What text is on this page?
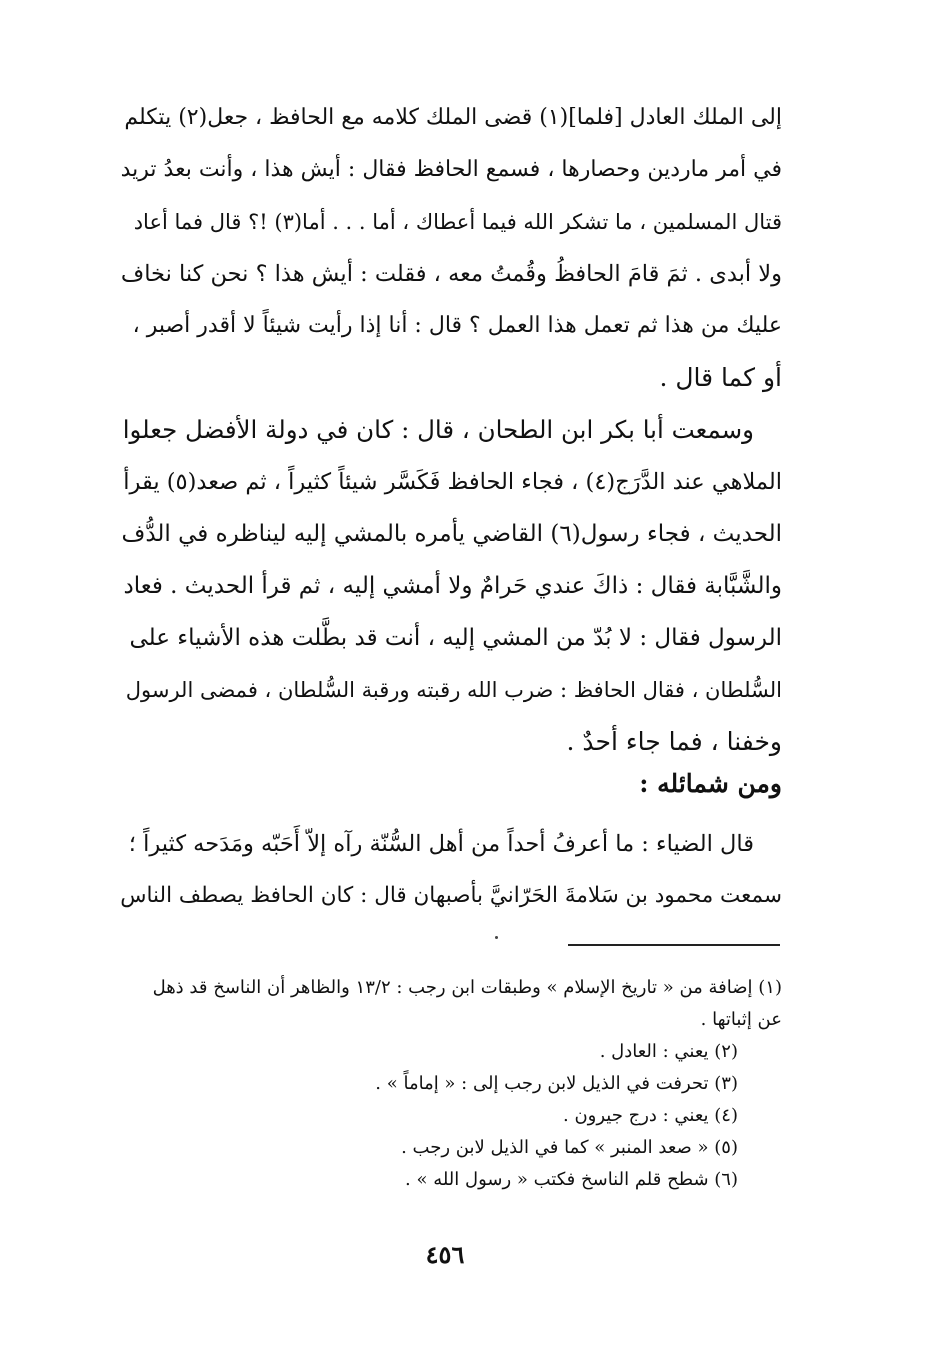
إلى الملك العادل [فلما](١) قضى الملك كلامه مع الحافظ ، جعل(٢) يتكلم
في أمر ماردين وحصارها ، فسمع الحافظ فقال : أيش هذا ، وأنت بعدُ تريد
قتال المسلمين ، ما تشكر الله فيما أعطاك ، أما . . . أما(٣) !؟ قال فما أعاد
ولا أبدى . ثمَ قامَ الحافظُ وقُمتُ معه ، فقلت : أيش هذا ؟ نحن كنا نخاف
عليك من هذا ثم تعمل هذا العمل ؟ قال : أنا إذا رأيت شيئاً لا أقدر أصبر ،
أو كما قال .
وسمعت أبا بكر ابن الطحان ، قال : كان في دولة الأفضل جعلوا
الملاهي عند الدَّرَج(٤) ، فجاء الحافظ فَكَسَّر شيئاً كثيراً ، ثم صعد(٥) يقرأ
الحديث ، فجاء رسول(٦) القاضي يأمره بالمشي إليه ليناظره في الدُّف
والشَّبَّابة فقال : ذاكَ عندي حَرامٌ ولا أمشي إليه ، ثم قرأ الحديث . فعاد
الرسول فقال : لا بُدّ من المشي إليه ، أنت قد بطَّلت هذه الأشياء على
السُّلطان ، فقال الحافظ : ضرب الله رقبته ورقبة السُّلطان ، فمضى الرسول
وخفنا ، فما جاء أحدٌ .
ومن شمائله :
قال الضياء : ما أعرفُ أحداً من أهل السُّنّة رآه إلاّ أَحَبّه ومَدَحه كثيراً ؛
سمعت محمود بن سَلامةَ الحَرّانيَّ بأصبهان قال : كان الحافظ يصطف الناس
(١) إضافة من « تاريخ الإسلام » وطبقات ابن رجب : ١٣/٢ والظاهر أن الناسخ قد ذهل
عن إثباتها .
(٢) يعني : العادل .
(٣) تحرفت في الذيل لابن رجب إلى : « إماماً » .
(٤) يعني : درج جيرون .
(٥) « صعد المنبر » كما في الذيل لابن رجب .
(٦) شطح قلم الناسخ فكتب « رسول الله » .
٤٥٦
